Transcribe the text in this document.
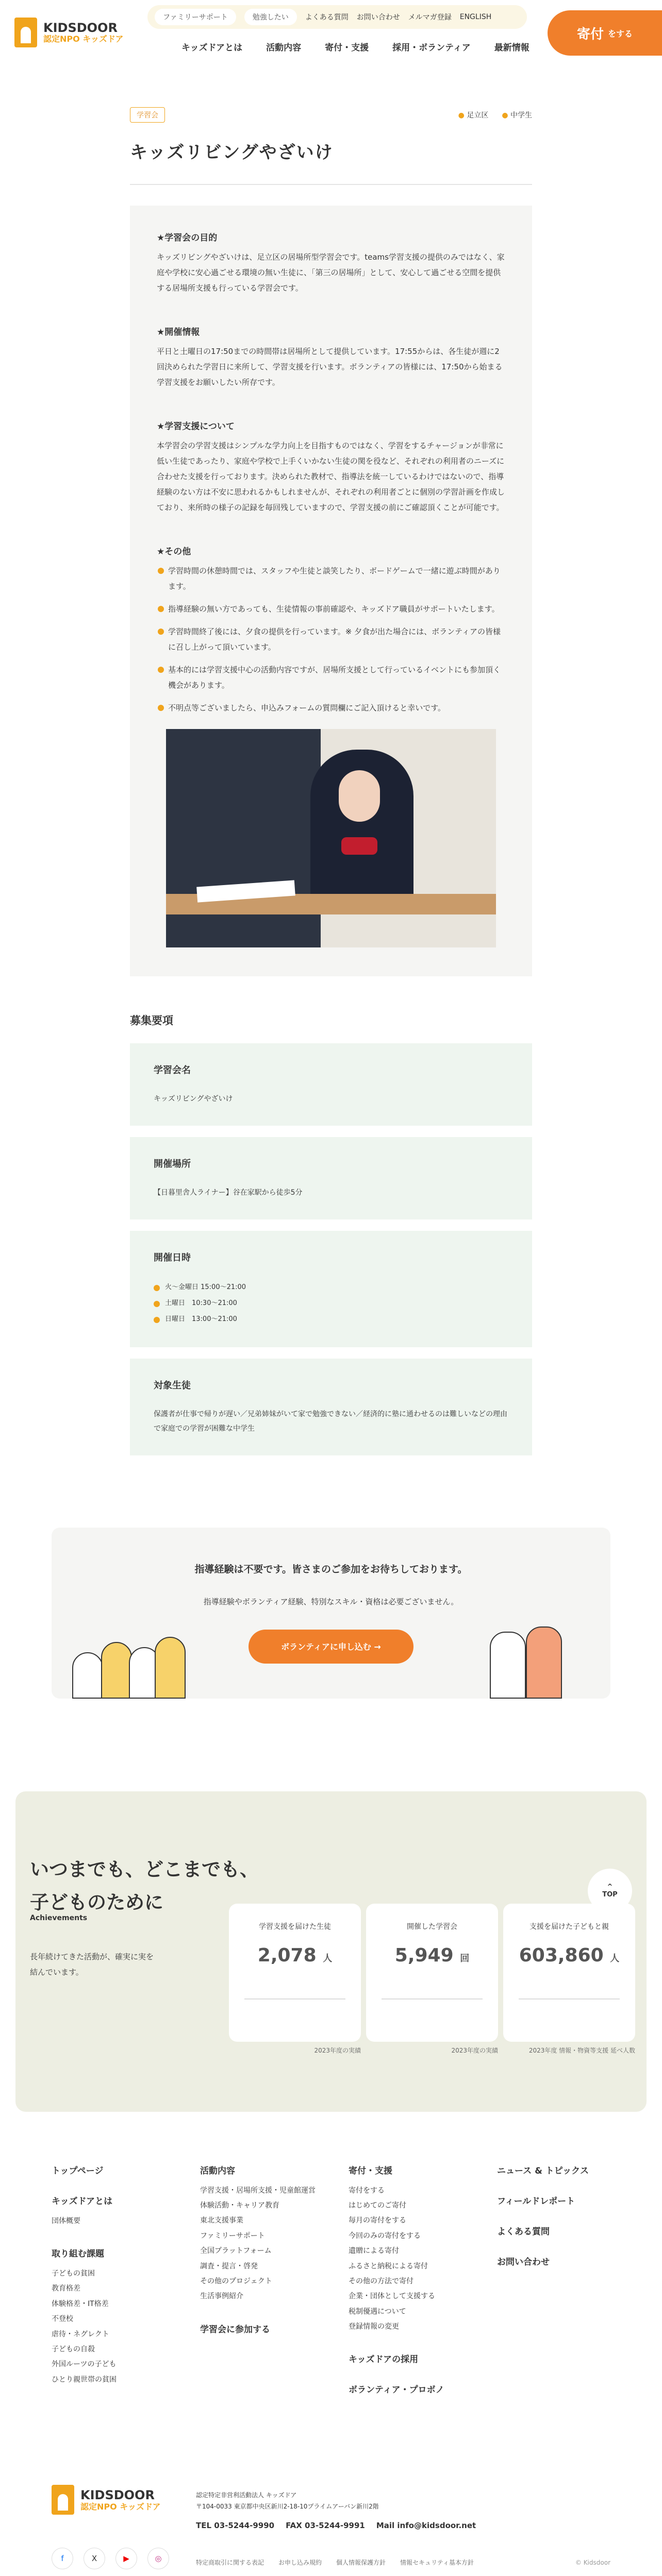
KIDSDOOR
認定NPO キッズドア
ファミリーサポート	勉強したい	よくある質問 お問い合わせ メルマガ登録 ENGLISH
キッズドアとは	活動内容	寄付・支援	採用・ボランティア	最新情報
寄付 をする
学習会	● 足立区	● 中学生
キッズリビングやざいけ
★学習会の目的

キッズリビングやざいけは、足立区の居場所型学習会です。teams学習支援の提供のみではなく、家庭や学校に安心過ごせる環境の無い生徒に、「第三の居場所」として、安心して過ごせる空間を提供する居場所支援も行っている学習会です。

★開催情報

平日と土曜日の17:50までの時間帯は居場所として提供しています。17:55からは、各生徒が週に2回決められた学習日に来所して、学習支援を行います。ボランティアの皆様には、17:50から始まる学習支援をお願いしたい所存です。

★学習支援について

本学習会の学習支援はシンプルな学力向上を目指すものではなく、学習をするチャージョンが非常に低い生徒であったり、家庭や学校で上手くいかない生徒の関を役など、それぞれの利用者のニーズに合わせた支援を行っております。決められた教材で、指導法を統一しているわけではないので、指導経験のない方は不安に思われるかもしれませんが、それぞれの利用者ごとに個別の学習計画を作成しており、来所時の様子の記録を毎回残していますので、学習支援の前にご確認頂くことが可能です。

★その他
学習時間の休憩時間では、スタッフや生徒と談笑したり、ボードゲームで一緒に遊ぶ時間があります。
指導経験の無い方であっても、生徒情報の事前確認や、キッズドア職員がサポートいたします。
学習時間終了後には、夕食の提供を行っています。※ 夕食が出た場合には、ボランティアの皆様に召し上がって頂いています。
基本的には学習支援中心の活動内容ですが、居場所支援として行っているイベントにも参加頂く機会があります。
不明点等ございましたら、申込みフォームの質問欄にご記入頂けると幸いです。
募集要項
学習会名

キッズリビングやざいけ

開催場所

【日暮里舎人ライナー】谷在家駅から徒歩5分

開催日時
火〜金曜日 15:00〜21:00
土曜日　10:30〜21:00
日曜日　13:00〜21:00
対象生徒

保護者が仕事で帰りが遅い／兄弟姉妹がいて家で勉強できない／経済的に塾に通わせるのは難しいなどの理由で家庭での学習が困難な中学生

指導経験は不要です。皆さまのご参加をお待ちしております。

指導経験やボランティア経験、特別なスキル・資格は必要ございません。

ボランティアに申し込む →
いつまでも、どこまでも、
子どものために
Achievements

長年続けてきた活動が、確実に実を結んでいます。

^
TOP
学習支援を届けた生徒
2,078 人
2023年度の実績
開催した学習会
5,949 回
2023年度の実績
支援を届けた子どもと親
603,860 人
2023年度 情報・物資等支援 延べ人数
トップページ
キッズドアとは
団体概要
取り組む課題
子どもの貧困
教育格差
体験格差・IT格差
不登校
虐待・ネグレクト
子どもの自殺
外国ルーツの子ども
ひとり親世帯の貧困
活動内容
学習支援・居場所支援・児童館運営
体験活動・キャリア教育
東北支援事業
ファミリーサポート
全国プラットフォーム
調査・提言・啓発
その他のプロジェクト
生活事例紹介
学習会に参加する
寄付・支援
寄付をする
はじめてのご寄付
毎月の寄付をする
今回のみの寄付をする
遺贈による寄付
ふるさと納税による寄付
その他の方法で寄付
企業・団体として支援する
税制優遇について
登録情報の変更
キッズドアの採用
ボランティア・プロボノ
ニュース & トピックス
フィールドレポート
よくある質問
お問い合わせ
KIDSDOOR
認定NPO キッズドア
認定特定非営利活動法人 キッズドア
〒104-0033 東京都中央区新川2-18-10プライムアーバン新川2階
TEL 03-5244-9990 FAX 03-5244-9991 Mail info@kidsdoor.net
f	X	▶	◎	特定商取引に関する表記 お申し込み規約 個人情報保護方針 情報セキュリティ基本方針	© Kidsdoor
